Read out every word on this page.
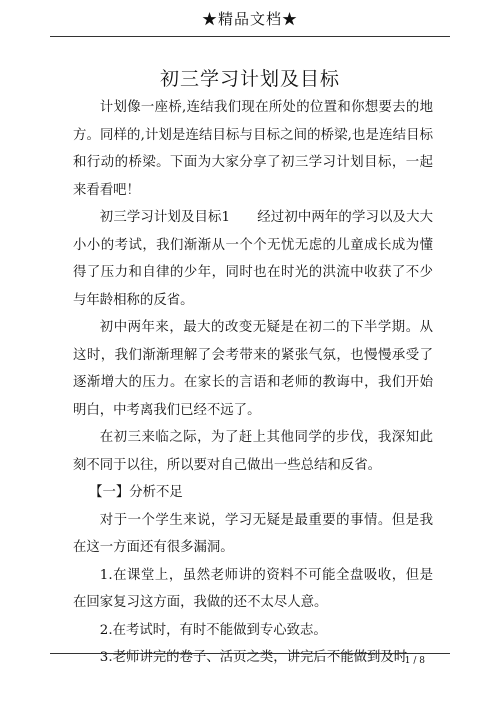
★精品文档★
初三学习计划及目标

计划像一座桥,连结我们现在所处的位置和你想要去的地方。同样的,计划是连结目标与目标之间的桥梁,也是连结目标和行动的桥梁。下面为大家分享了初三学习计划目标，一起来看看吧！

初三学习计划及目标1　　经过初中两年的学习以及大大小小的考试，我们渐渐从一个个无忧无虑的儿童成长成为懂得了压力和自律的少年，同时也在时光的洪流中收获了不少与年龄相称的反省。

初中两年来，最大的改变无疑是在初二的下半学期。从这时，我们渐渐理解了会考带来的紧张气氛，也慢慢承受了逐渐增大的压力。在家长的言语和老师的教诲中，我们开始明白，中考离我们已经不远了。

在初三来临之际，为了赶上其他同学的步伐，我深知此刻不同于以往，所以要对自己做出一些总结和反省。

【一】分析不足

对于一个学生来说，学习无疑是最重要的事情。但是我在这一方面还有很多漏洞。

1.在课堂上，虽然老师讲的资料不可能全盘吸收，但是在回家复习这方面，我做的还不太尽人意。

2.在考试时，有时不能做到专心致志。

3.老师讲完的卷子、活页之类，讲完后不能做到及时

1 / 8
